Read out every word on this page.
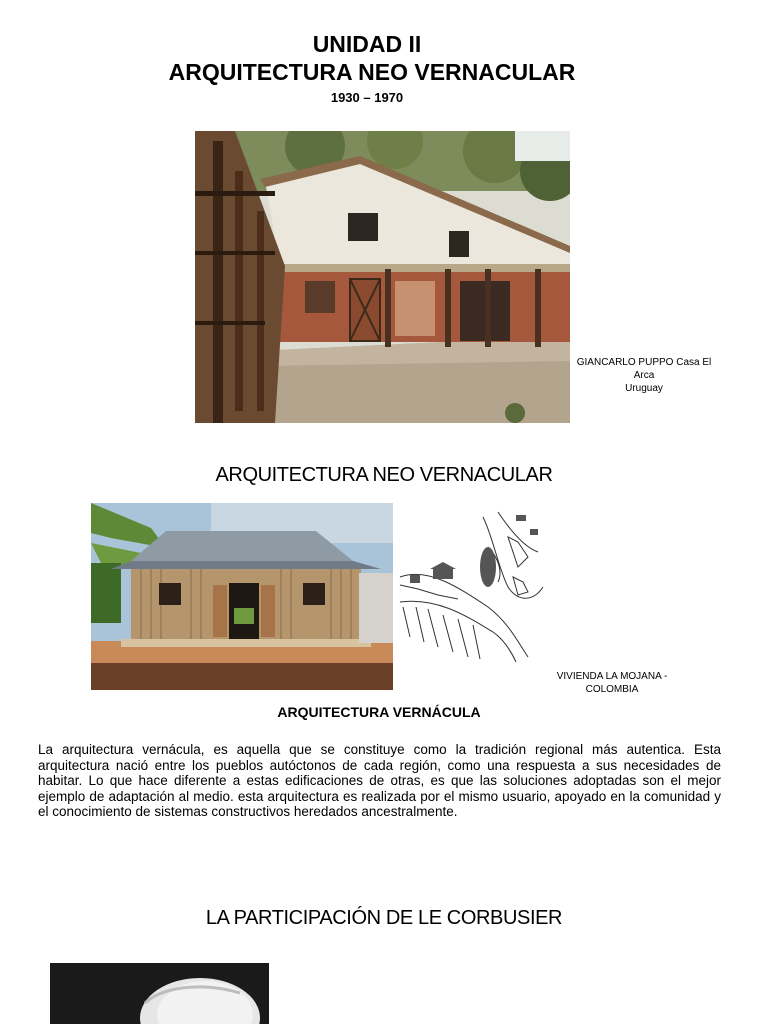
UNIDAD II
ARQUITECTURA NEO VERNACULAR
1930 – 1970
GIANCARLO PUPPO Casa El Arca
Uruguay
ARQUITECTURA NEO VERNACULAR
VIVIENDA LA MOJANA -
COLOMBIA
ARQUITECTURA VERNÁCULA
La arquitectura vernácula, es aquella que se constituye como la tradición regional más autentica. Esta arquitectura nació entre los pueblos autóctonos de cada región, como una respuesta a sus necesidades de habitar. Lo que hace diferente a estas edificaciones de otras, es que las soluciones adoptadas son el mejor ejemplo de adaptación al medio. esta arquitectura es realizada por el mismo usuario, apoyado en la comunidad y el conocimiento de sistemas constructivos heredados ancestralmente.
LA PARTICIPACIÓN DE LE CORBUSIER
